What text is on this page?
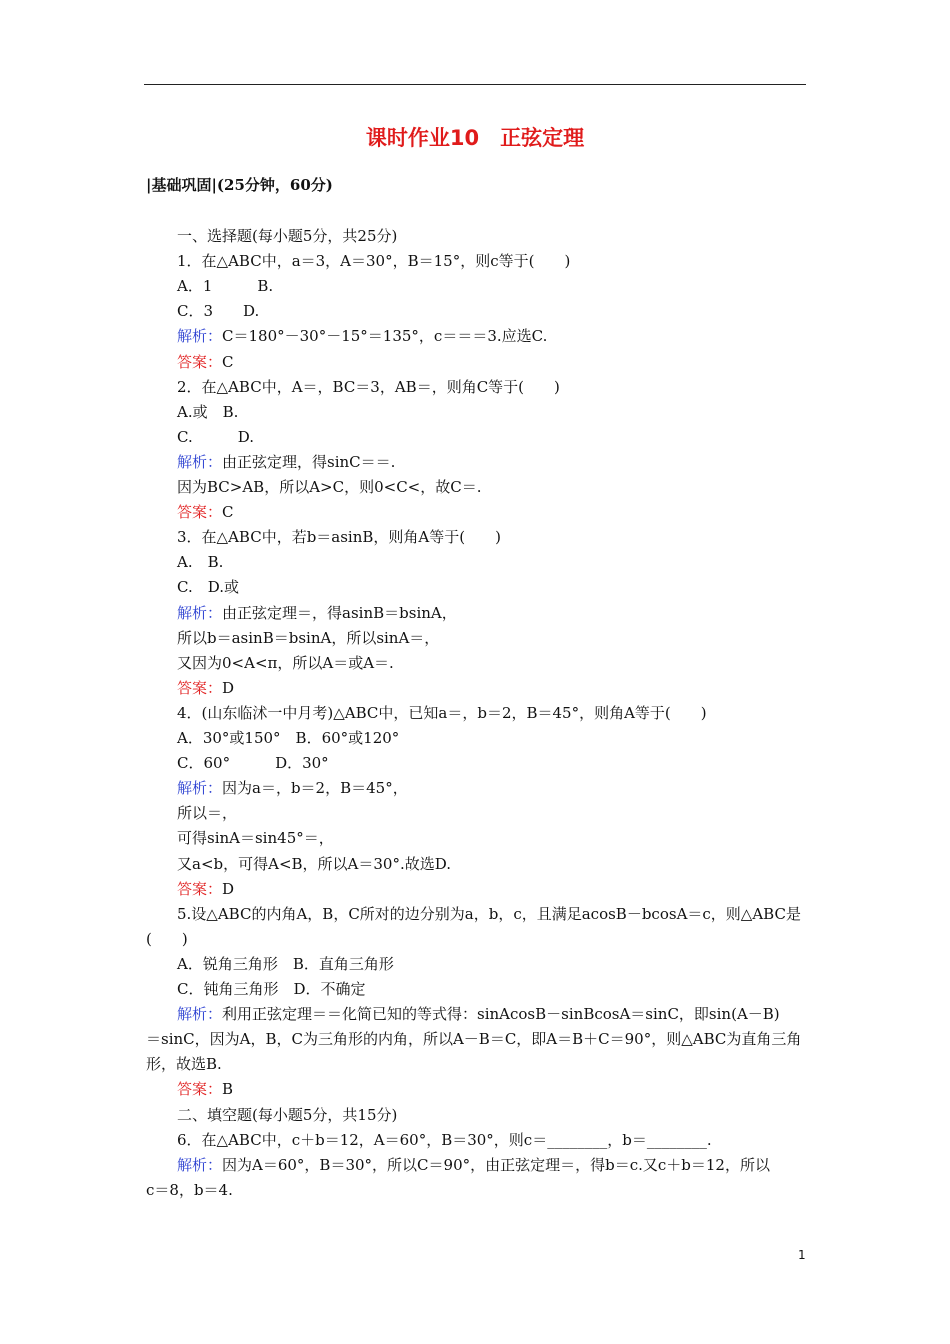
课时作业10　正弦定理
|基础巩固|(25分钟，60分)
一、选择题(每小题5分，共25分)
1．在△ABC中，a＝3，A＝30°，B＝15°，则c等于(　　)
A．1　　　B.
C．3　　D.
解析：C＝180°－30°－15°＝135°，c＝＝＝3.应选C.
答案：C
2．在△ABC中，A＝，BC＝3，AB＝，则角C等于(　　)
A.或　B.
C.　　　D.
解析：由正弦定理，得sinC＝＝.
因为BC>AB，所以A>C，则0<C<，故C＝.
答案：C
3．在△ABC中，若b＝asinB，则角A等于(　　)
A.　B.
C.　D.或
解析：由正弦定理＝，得asinB＝bsinA，
所以b＝asinB＝bsinA，所以sinA＝，
又因为0<A<π，所以A＝或A＝.
答案：D
4．(山东临沭一中月考)△ABC中，已知a＝，b＝2，B＝45°，则角A等于(　　)
A．30°或150°　B．60°或120°
C．60°　　　D．30°
解析：因为a＝，b＝2，B＝45°，
所以＝，
可得sinA＝sin45°＝，
又a<b，可得A<B，所以A＝30°.故选D.
答案：D
5.设△ABC的内角A，B，C所对的边分别为a，b，c，且满足acosB－bcosA＝c，则△ABC是
(　　)
A．锐角三角形　B．直角三角形
C．钝角三角形　D．不确定
解析：利用正弦定理＝＝化简已知的等式得：sinAcosB－sinBcosA＝sinC，即sin(A－B)
＝sinC，因为A，B，C为三角形的内角，所以A－B＝C，即A＝B＋C＝90°，则△ABC为直角三角
形，故选B.
答案：B
二、填空题(每小题5分，共15分)
6．在△ABC中，c＋b＝12，A＝60°，B＝30°，则c＝________，b＝________.
解析：因为A＝60°，B＝30°，所以C＝90°，由正弦定理＝，得b＝c.又c＋b＝12，所以
c＝8，b＝4.
1
